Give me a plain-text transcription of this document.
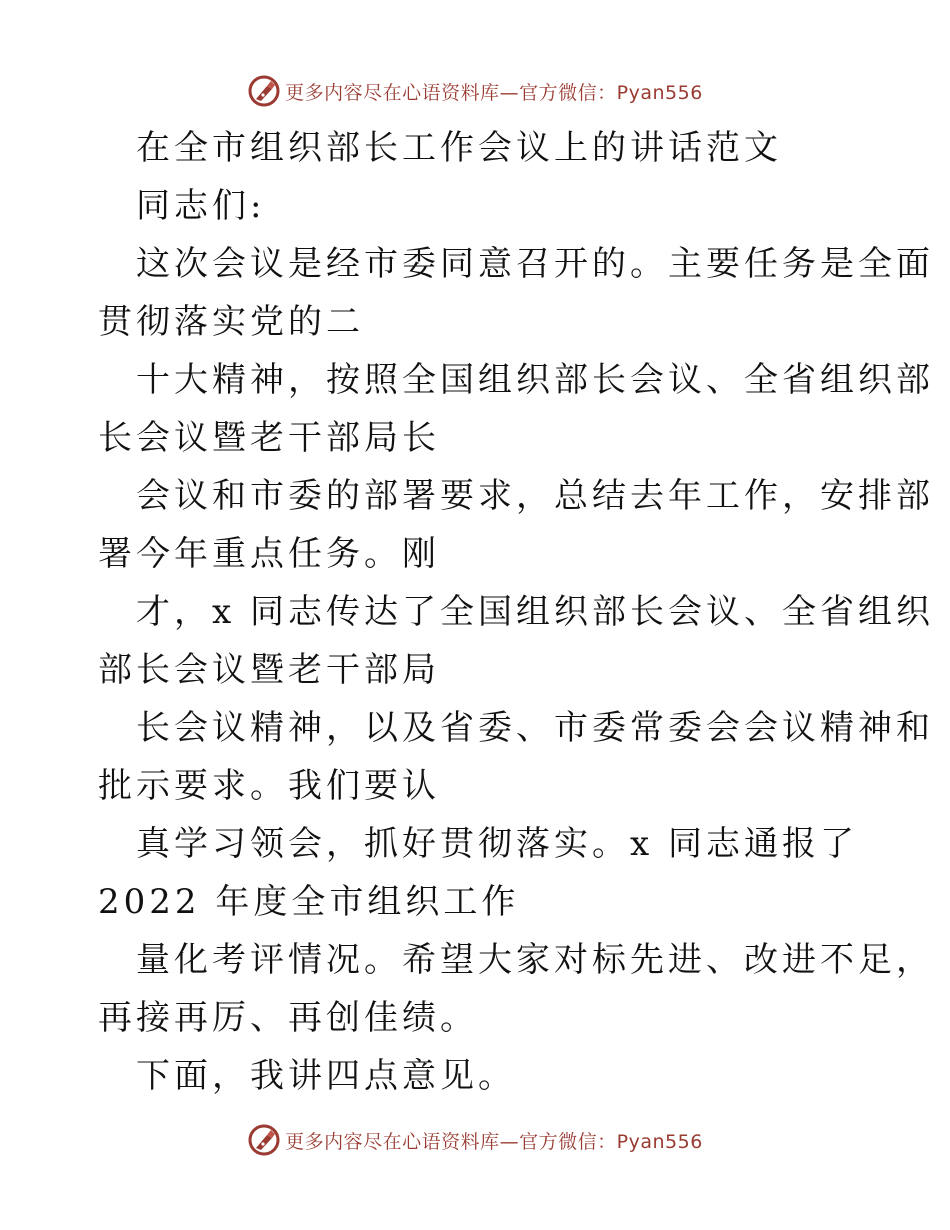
更多内容尽在心语资料库—官方微信：Pyan556
在全市组织部长工作会议上的讲话范文
同志们:
这次会议是经市委同意召开的。主要任务是全面
贯彻落实党的二
十大精神，按照全国组织部长会议、全省组织部
长会议暨老干部局长
会议和市委的部署要求，总结去年工作，安排部
署今年重点任务。刚
才，x 同志传达了全国组织部长会议、全省组织
部长会议暨老干部局
长会议精神，以及省委、市委常委会会议精神和
批示要求。我们要认
真学习领会，抓好贯彻落实。x 同志通报了
2022 年度全市组织工作
量化考评情况。希望大家对标先进、改进不足，
再接再厉、再创佳绩。
下面，我讲四点意见。
更多内容尽在心语资料库—官方微信：Pyan556
